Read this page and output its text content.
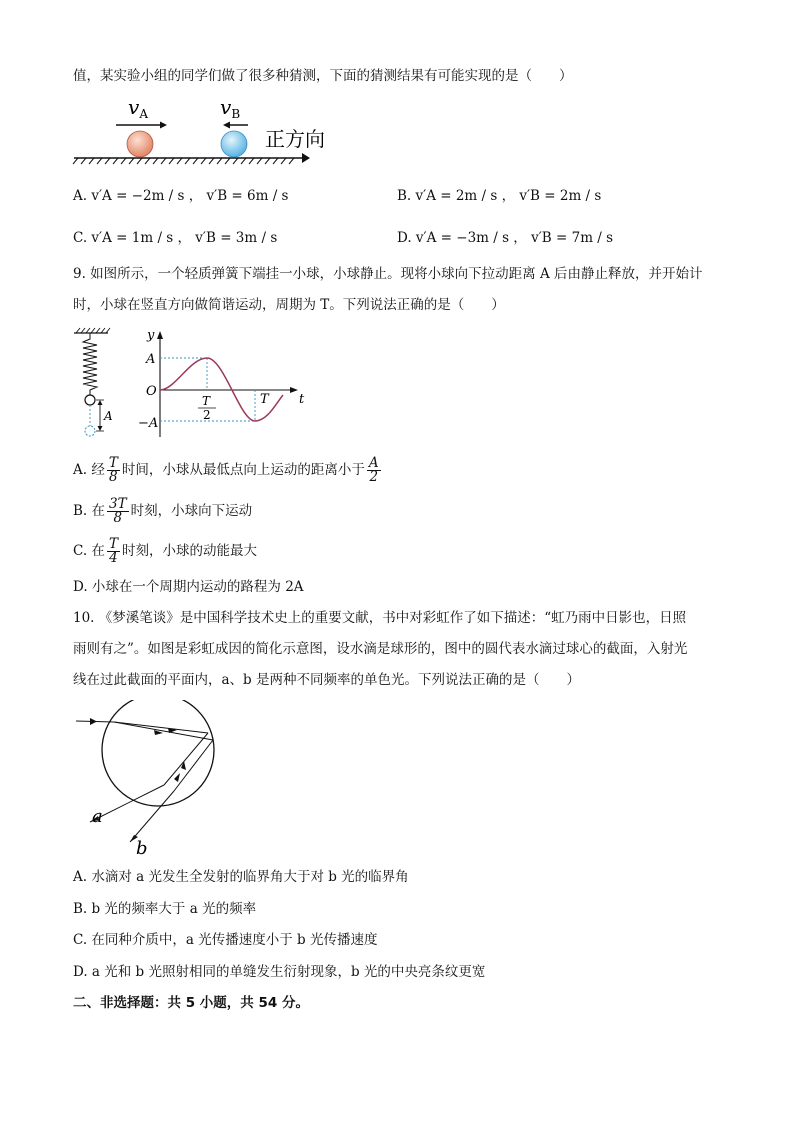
值，某实验小组的同学们做了很多种猜测，下面的猜测结果有可能实现的是（　　）
$v_A$	$v_B$
正方向
A. v′A = −2m / s ， v′B = 6m / s	B. v′A = 2m / s ， v′B = 2m / s
C. v′A = 1m / s ， v′B = 3m / s	D. v′A = −3m / s ， v′B = 7m / s
9. 如图所示，一个轻质弹簧下端挂一小球，小球静止。现将小球向下拉动距离 A 后由静止释放，并开始计
时，小球在竖直方向做简谐运动，周期为 T。下列说法正确的是（　　）
A
y
t
A
O
−A
T
2
T
A. 经 $\frac{T}{8}$ 时间，小球从最低点向上运动的距离小于 $\frac{A}{2}$
B. 在 $\frac{3T}{8}$ 时刻，小球向下运动
C. 在 $\frac{T}{4}$ 时刻，小球的动能最大
D. 小球在一个周期内运动的路程为 2A
10. 《梦溪笔谈》是中国科学技术史上的重要文献，书中对彩虹作了如下描述：“虹乃雨中日影也，日照
雨则有之”。如图是彩虹成因的简化示意图，设水滴是球形的，图中的圆代表水滴过球心的截面，入射光
线在过此截面的平面内，a、b 是两种不同频率的单色光。下列说法正确的是（　　）
a
b
A. 水滴对 a 光发生全发射的临界角大于对 b 光的临界角
B. b 光的频率大于 a 光的频率
C. 在同种介质中，a 光传播速度小于 b 光传播速度
D. a 光和 b 光照射相同的单缝发生衍射现象，b 光的中央亮条纹更宽
二、非选择题：共 5 小题，共 54 分。
